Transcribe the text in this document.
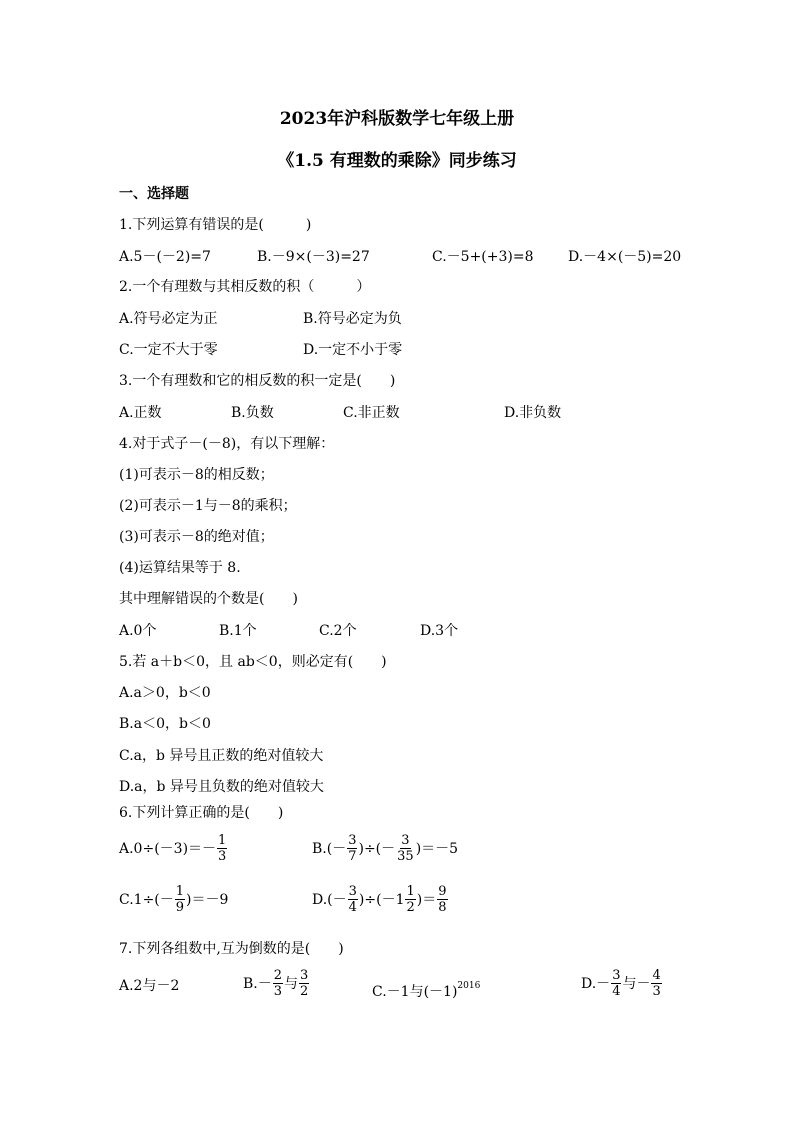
2023年沪科版数学七年级上册
《1.5 有理数的乘除》同步练习
一、选择题
1.下列运算有错误的是(　　　)
A.5－(－2)=7	B.－9×(－3)=27	C.－5+(+3)=8 D.－4×(－5)=20
2.一个有理数与其相反数的积（　　　）
A.符号必定为正	B.符号必定为负
C.一定不大于零	D.一定不小于零
3.一个有理数和它的相反数的积一定是(　　)
A.正数	B.负数	C.非正数	D.非负数
4.对于式子－(－8)，有以下理解：
(1)可表示－8的相反数；
(2)可表示－1与－8的乘积；
(3)可表示－8的绝对值；
(4)运算结果等于 8.
其中理解错误的个数是(　　)
A.0个	B.1个	C.2个	D.3个
5.若 a＋b＜0，且 ab＜0，则必定有(　　)
A.a＞0，b＜0
B.a＜0，b＜0
C.a，b 异号且正数的绝对值较大
D.a，b 异号且负数的绝对值较大
6.下列计算正确的是(　　)
$A.0\div(-3)=- \frac{1}{3}$	$B.(- \frac{3}{7}$ )÷(－ $\frac{3}{35} )=-5$
$C.1\div(- \frac{1}{9} )=-9$	$D.(- \frac{3}{4} )\div(-1 \frac{1}{2}$ )＝ $\frac{9}{8}$
7.下列各组数中,互为倒数的是(　　)
A.2与－2	$B.- \frac{2}{3}$ 与 $\frac{3}{2}$	C.－1与$(-1)^{2016}$	$D.- \frac{3}{4}$ 与－ $\frac{4}{3}$
